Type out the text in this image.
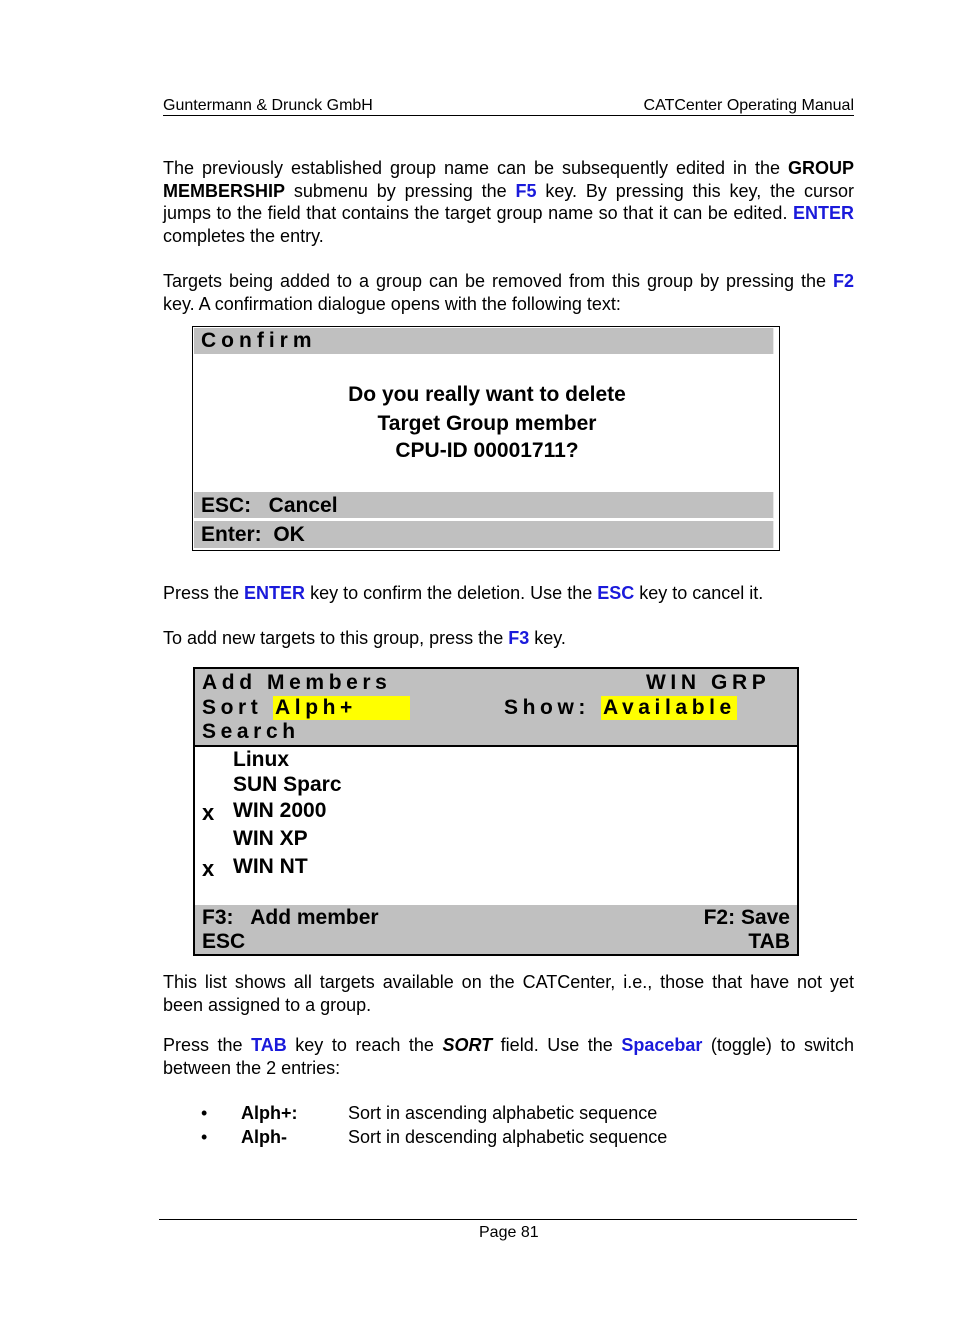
Guntermann & Drunck GmbH	CATCenter Operating Manual
The previously established group name can be subsequently edited in the GROUP MEMBERSHIP submenu by pressing the F5 key. By pressing this key, the cursor jumps to the field that contains the target group name so that it can be edited. ENTER completes the entry.
Targets being added to a group can be removed from this group by pressing the F2 key. A confirmation dialogue opens with the following text:
Confirm
Do you really want to delete
Target Group member
CPU-ID 00001711?
ESC:   Cancel
Enter:  OK
Press the ENTER key to confirm the deletion. Use the ESC key to cancel it.
To add new targets to this group, press the F3 key.
Add Members	WIN GRP
Sort Alph+	Show: Available
Search
Linux
SUN Sparc
x WIN 2000
WIN XP
x WIN NT
F3:   Add member	F2: Save
ESC	TAB
This list shows all targets available on the CATCenter, i.e., those that have not yet been assigned to a group.
Press the TAB key to reach the SORT field. Use the Spacebar (toggle) to switch between the 2 entries:
• Alph+:	Sort in ascending alphabetic sequence
• Alph-	Sort in descending alphabetic sequence
Page 81
